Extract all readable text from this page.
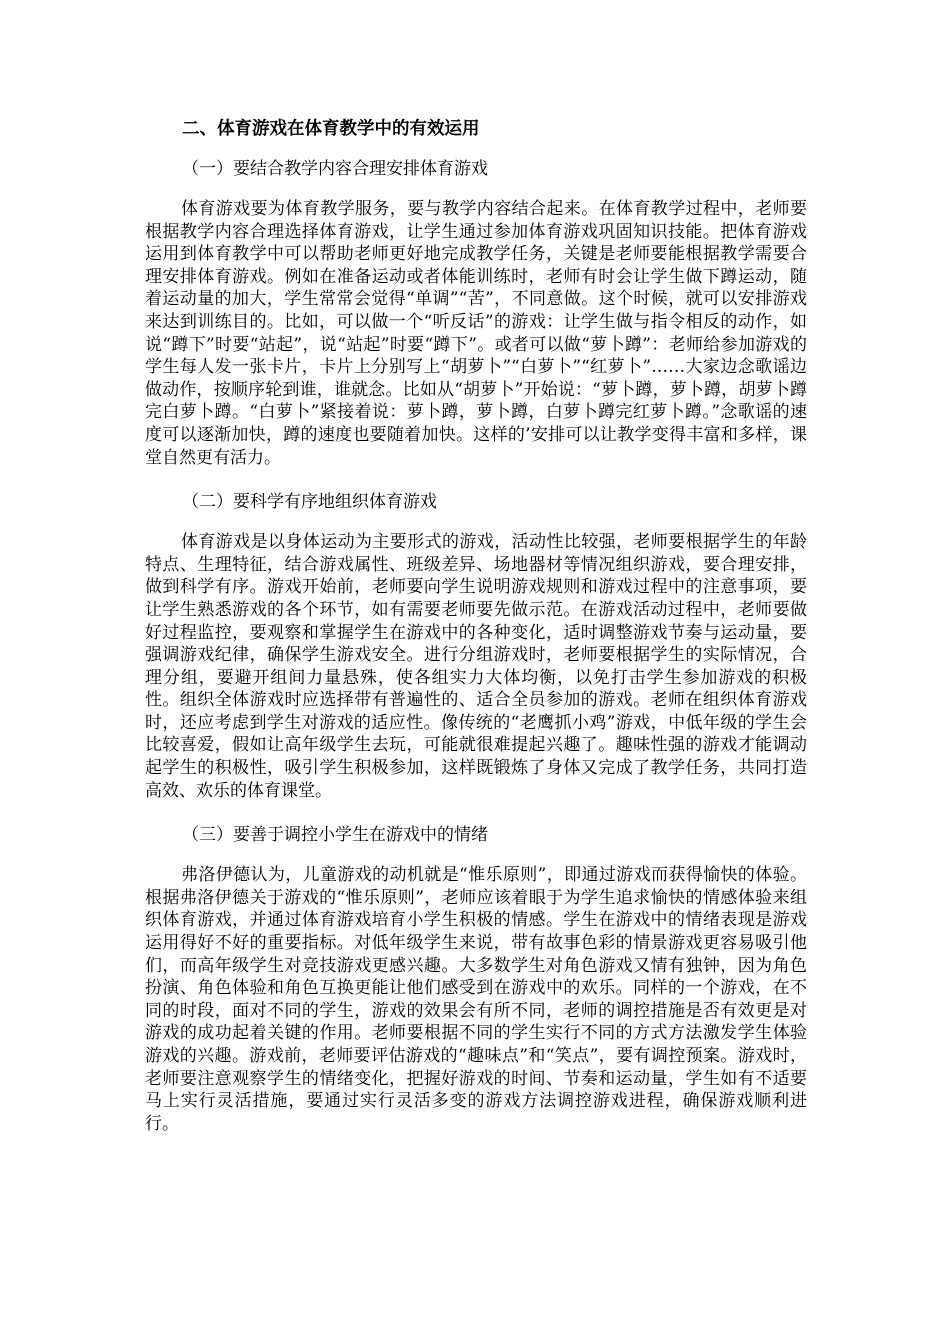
二、体育游戏在体育教学中的有效运用
（一）要结合教学内容合理安排体育游戏

体育游戏要为体育教学服务，要与教学内容结合起来。在体育教学过程中，老师要根据教学内容合理选择体育游戏，让学生通过参加体育游戏巩固知识技能。把体育游戏运用到体育教学中可以帮助老师更好地完成教学任务，关键是老师要能根据教学需要合理安排体育游戏。例如在准备运动或者体能训练时，老师有时会让学生做下蹲运动，随着运动量的加大，学生常常会觉得“单调”“苦”，不同意做。这个时候，就可以安排游戏来达到训练目的。比如，可以做一个“听反话”的游戏：让学生做与指令相反的动作，如说“蹲下”时要“站起”，说“站起”时要“蹲下”。或者可以做“萝卜蹲”：老师给参加游戏的学生每人发一张卡片，卡片上分别写上“胡萝卜”“白萝卜”“红萝卜”……大家边念歌谣边做动作，按顺序轮到谁，谁就念。比如从“胡萝卜”开始说：“萝卜蹲，萝卜蹲，胡萝卜蹲完白萝卜蹲。“白萝卜”紧接着说：萝卜蹲，萝卜蹲，白萝卜蹲完红萝卜蹲。”念歌谣的速度可以逐渐加快，蹲的速度也要随着加快。这样的’安排可以让教学变得丰富和多样，课堂自然更有活力。

（二）要科学有序地组织体育游戏

体育游戏是以身体运动为主要形式的游戏，活动性比较强，老师要根据学生的年龄特点、生理特征，结合游戏属性、班级差异、场地器材等情况组织游戏，要合理安排，做到科学有序。游戏开始前，老师要向学生说明游戏规则和游戏过程中的注意事项，要让学生熟悉游戏的各个环节，如有需要老师要先做示范。在游戏活动过程中，老师要做好过程监控，要观察和掌握学生在游戏中的各种变化，适时调整游戏节奏与运动量，要强调游戏纪律，确保学生游戏安全。进行分组游戏时，老师要根据学生的实际情况，合理分组，要避开组间力量悬殊，使各组实力大体均衡，以免打击学生参加游戏的积极性。组织全体游戏时应选择带有普遍性的、适合全员参加的游戏。老师在组织体育游戏时，还应考虑到学生对游戏的适应性。像传统的“老鹰抓小鸡”游戏，中低年级的学生会比较喜爱，假如让高年级学生去玩，可能就很难提起兴趣了。趣味性强的游戏才能调动起学生的积极性，吸引学生积极参加，这样既锻炼了身体又完成了教学任务，共同打造高效、欢乐的体育课堂。

（三）要善于调控小学生在游戏中的情绪

弗洛伊德认为，儿童游戏的动机就是“惟乐原则”，即通过游戏而获得愉快的体验。根据弗洛伊德关于游戏的“惟乐原则”，老师应该着眼于为学生追求愉快的情感体验来组织体育游戏，并通过体育游戏培育小学生积极的情感。学生在游戏中的情绪表现是游戏运用得好不好的重要指标。对低年级学生来说，带有故事色彩的情景游戏更容易吸引他们，而高年级学生对竞技游戏更感兴趣。大多数学生对角色游戏又情有独钟，因为角色扮演、角色体验和角色互换更能让他们感受到在游戏中的欢乐。同样的一个游戏，在不同的时段，面对不同的学生，游戏的效果会有所不同，老师的调控措施是否有效更是对游戏的成功起着关键的作用。老师要根据不同的学生实行不同的方式方法激发学生体验游戏的兴趣。游戏前，老师要评估游戏的“趣味点”和“笑点”，要有调控预案。游戏时，老师要注意观察学生的情绪变化，把握好游戏的时间、节奏和运动量，学生如有不适要马上实行灵活措施，要通过实行灵活多变的游戏方法调控游戏进程，确保游戏顺利进行。
